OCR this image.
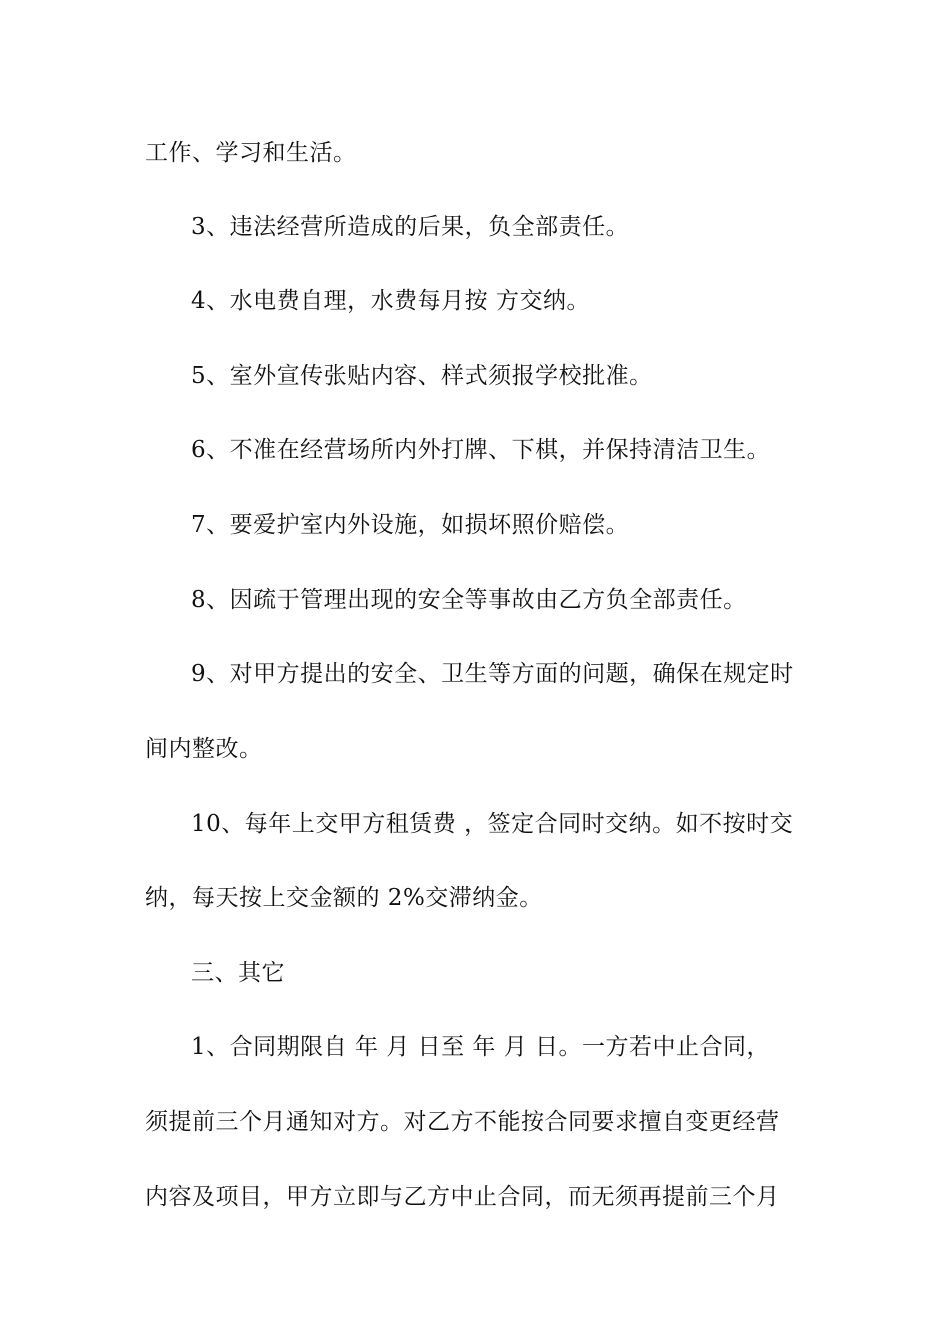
工作、学习和生活。
3、违法经营所造成的后果，负全部责任。
4、水电费自理，水费每月按 方交纳。
5、室外宣传张贴内容、样式须报学校批准。
6、不准在经营场所内外打牌、下棋，并保持清洁卫生。
7、要爱护室内外设施，如损坏照价赔偿。
8、因疏于管理出现的安全等事故由乙方负全部责任。
9、对甲方提出的安全、卫生等方面的问题，确保在规定时
间内整改。
10、每年上交甲方租赁费 ，签定合同时交纳。如不按时交
纳，每天按上交金额的 2%交滞纳金。
三、其它
1、合同期限自 年 月 日至 年 月 日。一方若中止合同，
须提前三个月通知对方。对乙方不能按合同要求擅自变更经营
内容及项目，甲方立即与乙方中止合同，而无须再提前三个月
